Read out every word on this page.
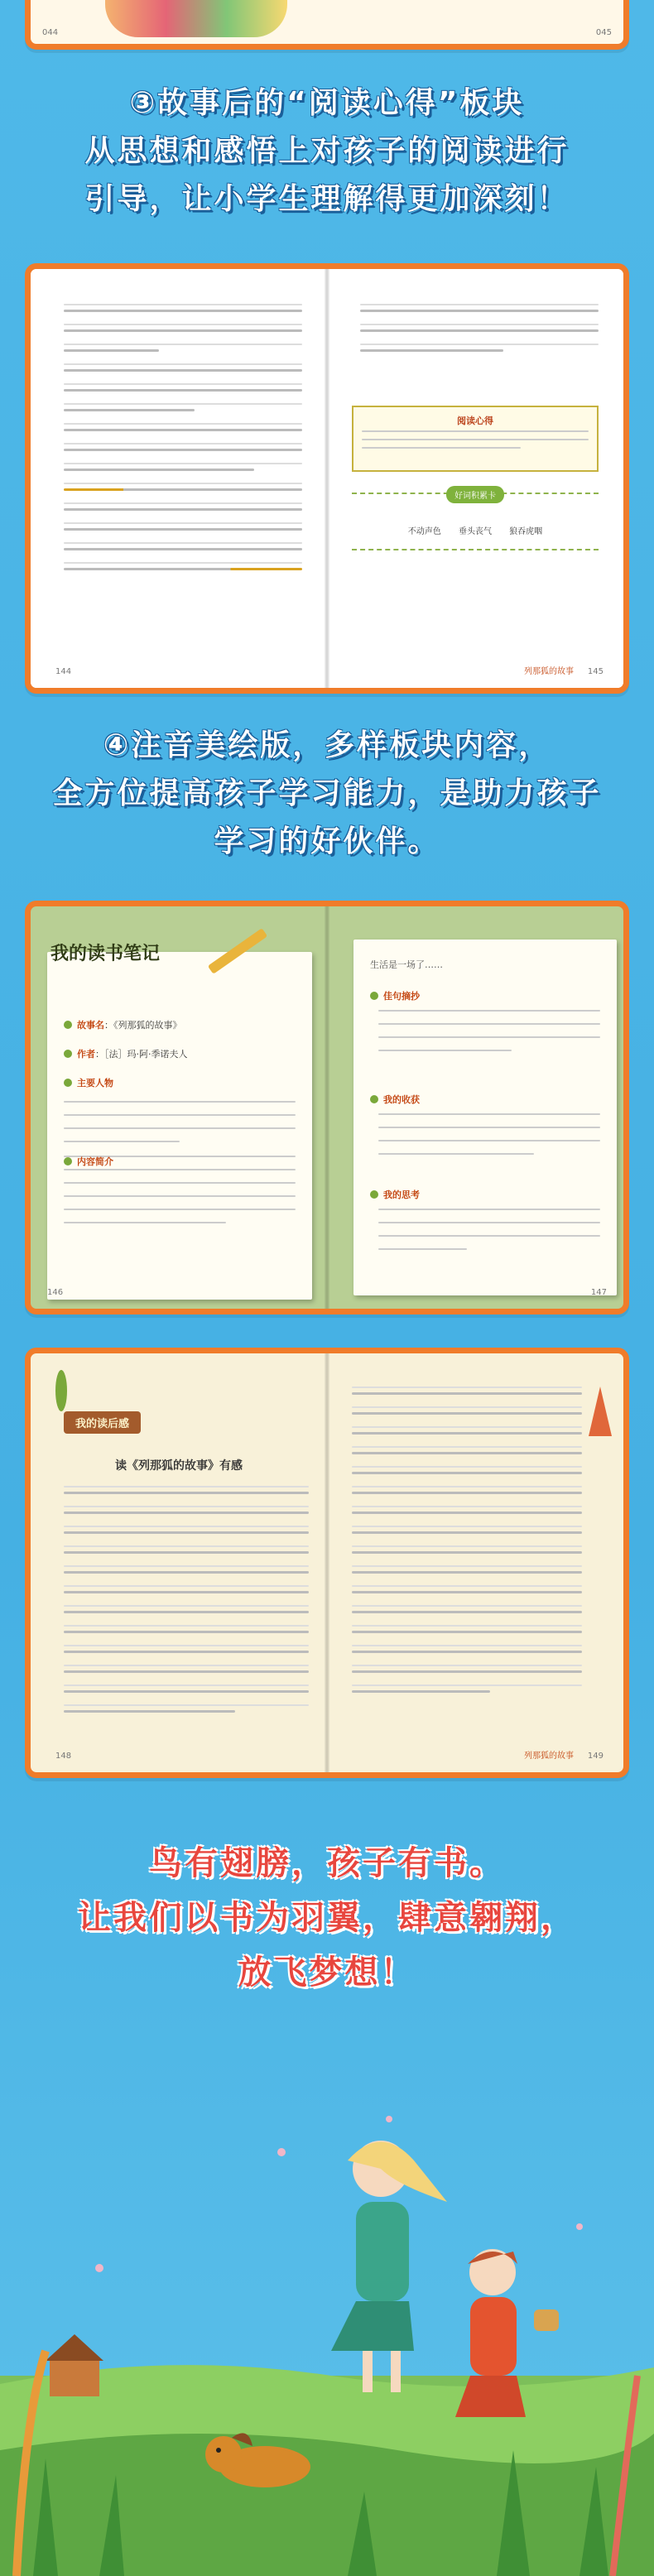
044	045
③故事后的“阅读心得”板块
从思想和感悟上对孩子的阅读进行
引导，让小学生理解得更加深刻！
144
阅读心得
好词积累卡
不动声色 垂头丧气 狼吞虎咽
列那狐的故事 145
④注音美绘版，多样板块内容，
全方位提高孩子学习能力，是助力孩子
学习的好伙伴。
我的读书笔记
故事名：《列那狐的故事》
作者：［法］玛·阿·季诺夫人
主要人物
内容简介
146
生活是一场了……
佳句摘抄
我的收获
我的思考
147
我的读后感
读《列那狐的故事》有感
148	列那狐的故事 149
鸟有翅膀，孩子有书。
让我们以书为羽翼，肆意翱翔，
放飞梦想！
